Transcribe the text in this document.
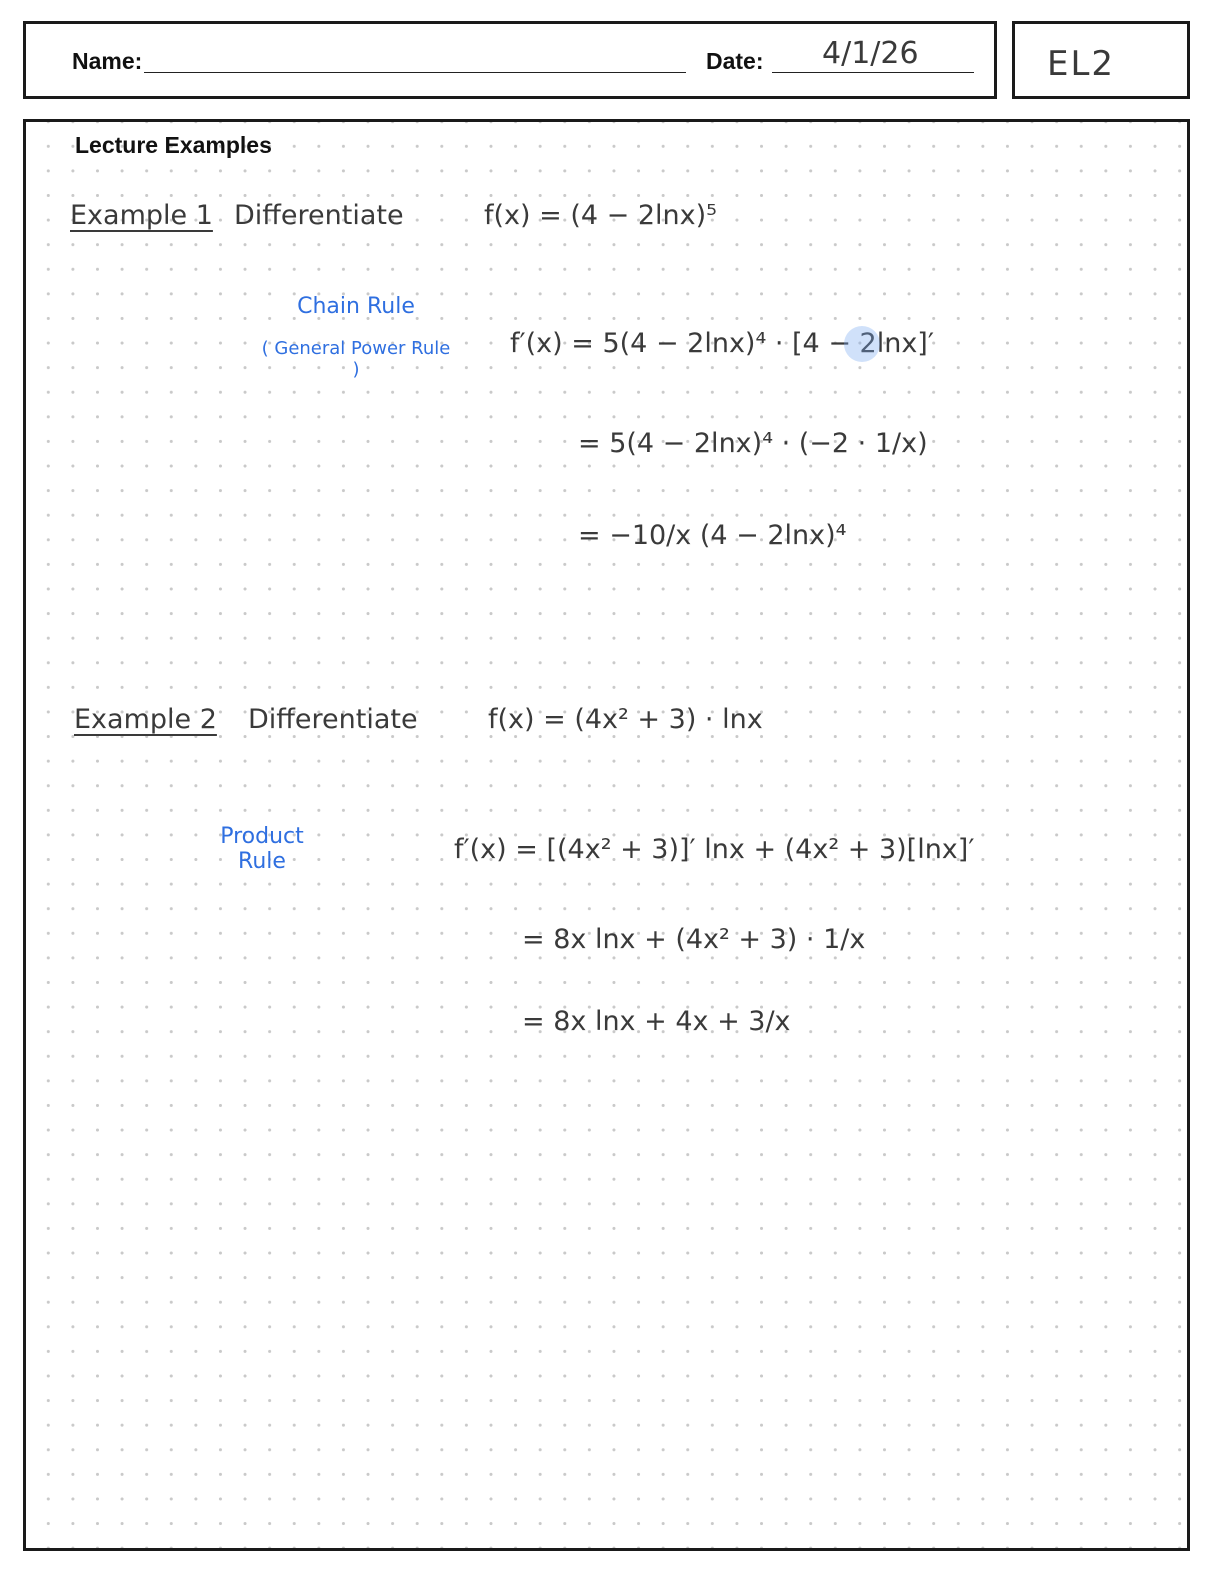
Name:	Date: 4/1/26	EL2
Lecture Examples
Example 1 Differentiate	f(x) = (4 − 2lnx)⁵
Chain Rule
( General Power Rule )
f′(x) = 5(4 − 2lnx)⁴ · [4 − 2lnx]′
= 5(4 − 2lnx)⁴ · (−2 · 1/x)
= −10/x (4 − 2lnx)⁴
Example 2 Differentiate	f(x) = (4x² + 3) · lnx
Product Rule	f′(x) = [(4x² + 3)]′ lnx + (4x² + 3)[lnx]′
= 8x lnx + (4x² + 3) · 1/x
= 8x lnx + 4x + 3/x
